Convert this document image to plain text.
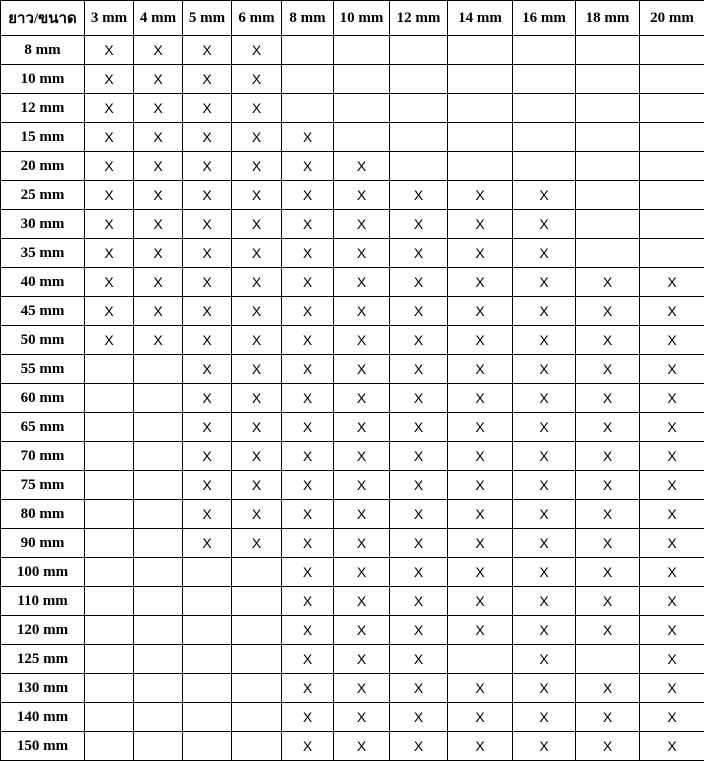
ยาว/ขนาด	3 mm	4 mm	5 mm	6 mm	8 mm	10 mm	12 mm	14 mm	16 mm	18 mm	20 mm
8 mm	X	X	X	X							
10 mm	X	X	X	X							
12 mm	X	X	X	X							
15 mm	X	X	X	X	X						
20 mm	X	X	X	X	X	X					
25 mm	X	X	X	X	X	X	X	X	X		
30 mm	X	X	X	X	X	X	X	X	X		
35 mm	X	X	X	X	X	X	X	X	X		
40 mm	X	X	X	X	X	X	X	X	X	X	X
45 mm	X	X	X	X	X	X	X	X	X	X	X
50 mm	X	X	X	X	X	X	X	X	X	X	X
55 mm			X	X	X	X	X	X	X	X	X
60 mm			X	X	X	X	X	X	X	X	X
65 mm			X	X	X	X	X	X	X	X	X
70 mm			X	X	X	X	X	X	X	X	X
75 mm			X	X	X	X	X	X	X	X	X
80 mm			X	X	X	X	X	X	X	X	X
90 mm			X	X	X	X	X	X	X	X	X
100 mm					X	X	X	X	X	X	X
110 mm					X	X	X	X	X	X	X
120 mm					X	X	X	X	X	X	X
125 mm					X	X	X		X		X
130 mm					X	X	X	X	X	X	X
140 mm					X	X	X	X	X	X	X
150 mm					X	X	X	X	X	X	X
